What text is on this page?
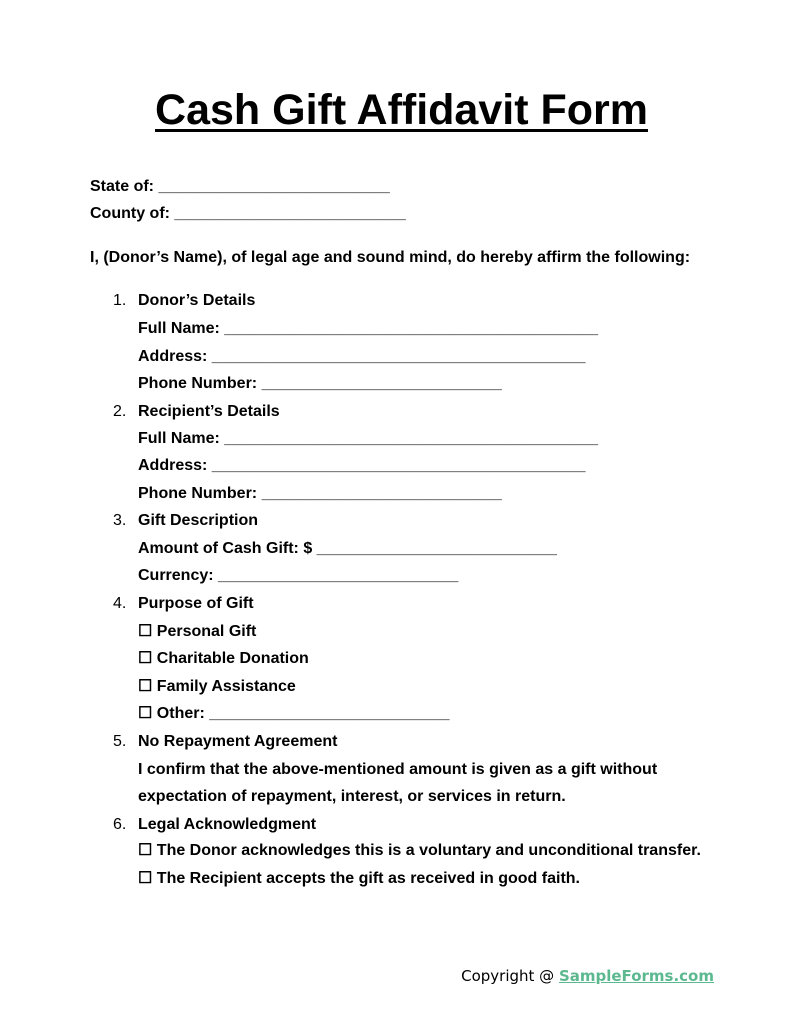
Cash Gift Affidavit Form
State of: __________________________
County of: __________________________
I, (Donor’s Name), of legal age and sound mind, do hereby affirm the following:
1. Donor’s Details
Full Name: __________________________________________
Address: __________________________________________
Phone Number: ___________________________
2. Recipient’s Details
Full Name: __________________________________________
Address: __________________________________________
Phone Number: ___________________________
3. Gift Description
Amount of Cash Gift: $ ___________________________
Currency: ___________________________
4. Purpose of Gift
☐ Personal Gift
☐ Charitable Donation
☐ Family Assistance
☐ Other: ___________________________
5. No Repayment Agreement
I confirm that the above-mentioned amount is given as a gift without
expectation of repayment, interest, or services in return.
6. Legal Acknowledgment
☐ The Donor acknowledges this is a voluntary and unconditional transfer.
☐ The Recipient accepts the gift as received in good faith.
Copyright @ SampleForms.com
